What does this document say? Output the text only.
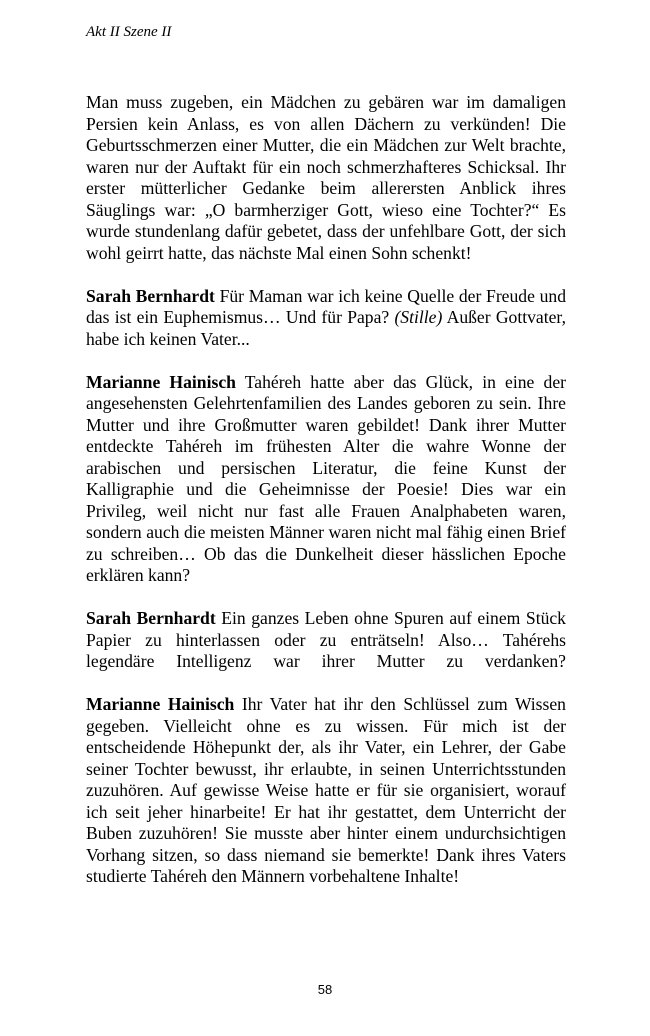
Akt II Szene II

Man muss zugeben, ein Mädchen zu gebären war im damaligen Persien kein Anlass, es von allen Dächern zu verkünden! Die Geburtsschmerzen einer Mutter, die ein Mädchen zur Welt brachte, waren nur der Auftakt für ein noch schmerzhafteres Schicksal. Ihr erster mütterlicher Gedanke beim allerersten Anblick ihres Säuglings war: „O barmherziger Gott, wieso eine Tochter?“ Es wurde stundenlang dafür gebetet, dass der unfehlbare Gott, der sich wohl geirrt hatte, das nächste Mal einen Sohn schenkt!

Sarah Bernhardt Für Maman war ich keine Quelle der Freude und das ist ein Euphemismus… Und für Papa? (Stille) Außer Gottvater, habe ich keinen Vater...

Marianne Hainisch Tahéreh hatte aber das Glück, in eine der angesehensten Gelehrtenfamilien des Landes geboren zu sein. Ihre Mutter und ihre Großmutter waren gebildet! Dank ihrer Mutter entdeckte Tahéreh im frühesten Alter die wahre Wonne der arabischen und persischen Literatur, die feine Kunst der Kalligraphie und die Geheimnisse der Poesie! Dies war ein Privileg, weil nicht nur fast alle Frauen Analphabeten waren, sondern auch die meisten Männer waren nicht mal fähig einen Brief zu schreiben… Ob das die Dunkelheit dieser hässlichen Epoche erklären kann?

Sarah Bernhardt Ein ganzes Leben ohne Spuren auf einem Stück Papier zu hinterlassen oder zu enträtseln! Also… Tahérehs legendäre Intelligenz war ihrer Mutter zu verdanken?

Marianne Hainisch Ihr Vater hat ihr den Schlüssel zum Wissen gegeben. Vielleicht ohne es zu wissen. Für mich ist der entscheidende Höhepunkt der, als ihr Vater, ein Lehrer, der Gabe seiner Tochter bewusst, ihr erlaubte, in seinen Unterrichtsstunden zuzuhören. Auf gewisse Weise hatte er für sie organisiert, worauf ich seit jeher hinarbeite! Er hat ihr gestattet, dem Unterricht der Buben zuzuhören! Sie musste aber hinter einem undurchsichtigen Vorhang sitzen, so dass niemand sie bemerkte! Dank ihres Vaters studierte Tahéreh den Männern vorbehaltene Inhalte!

58
